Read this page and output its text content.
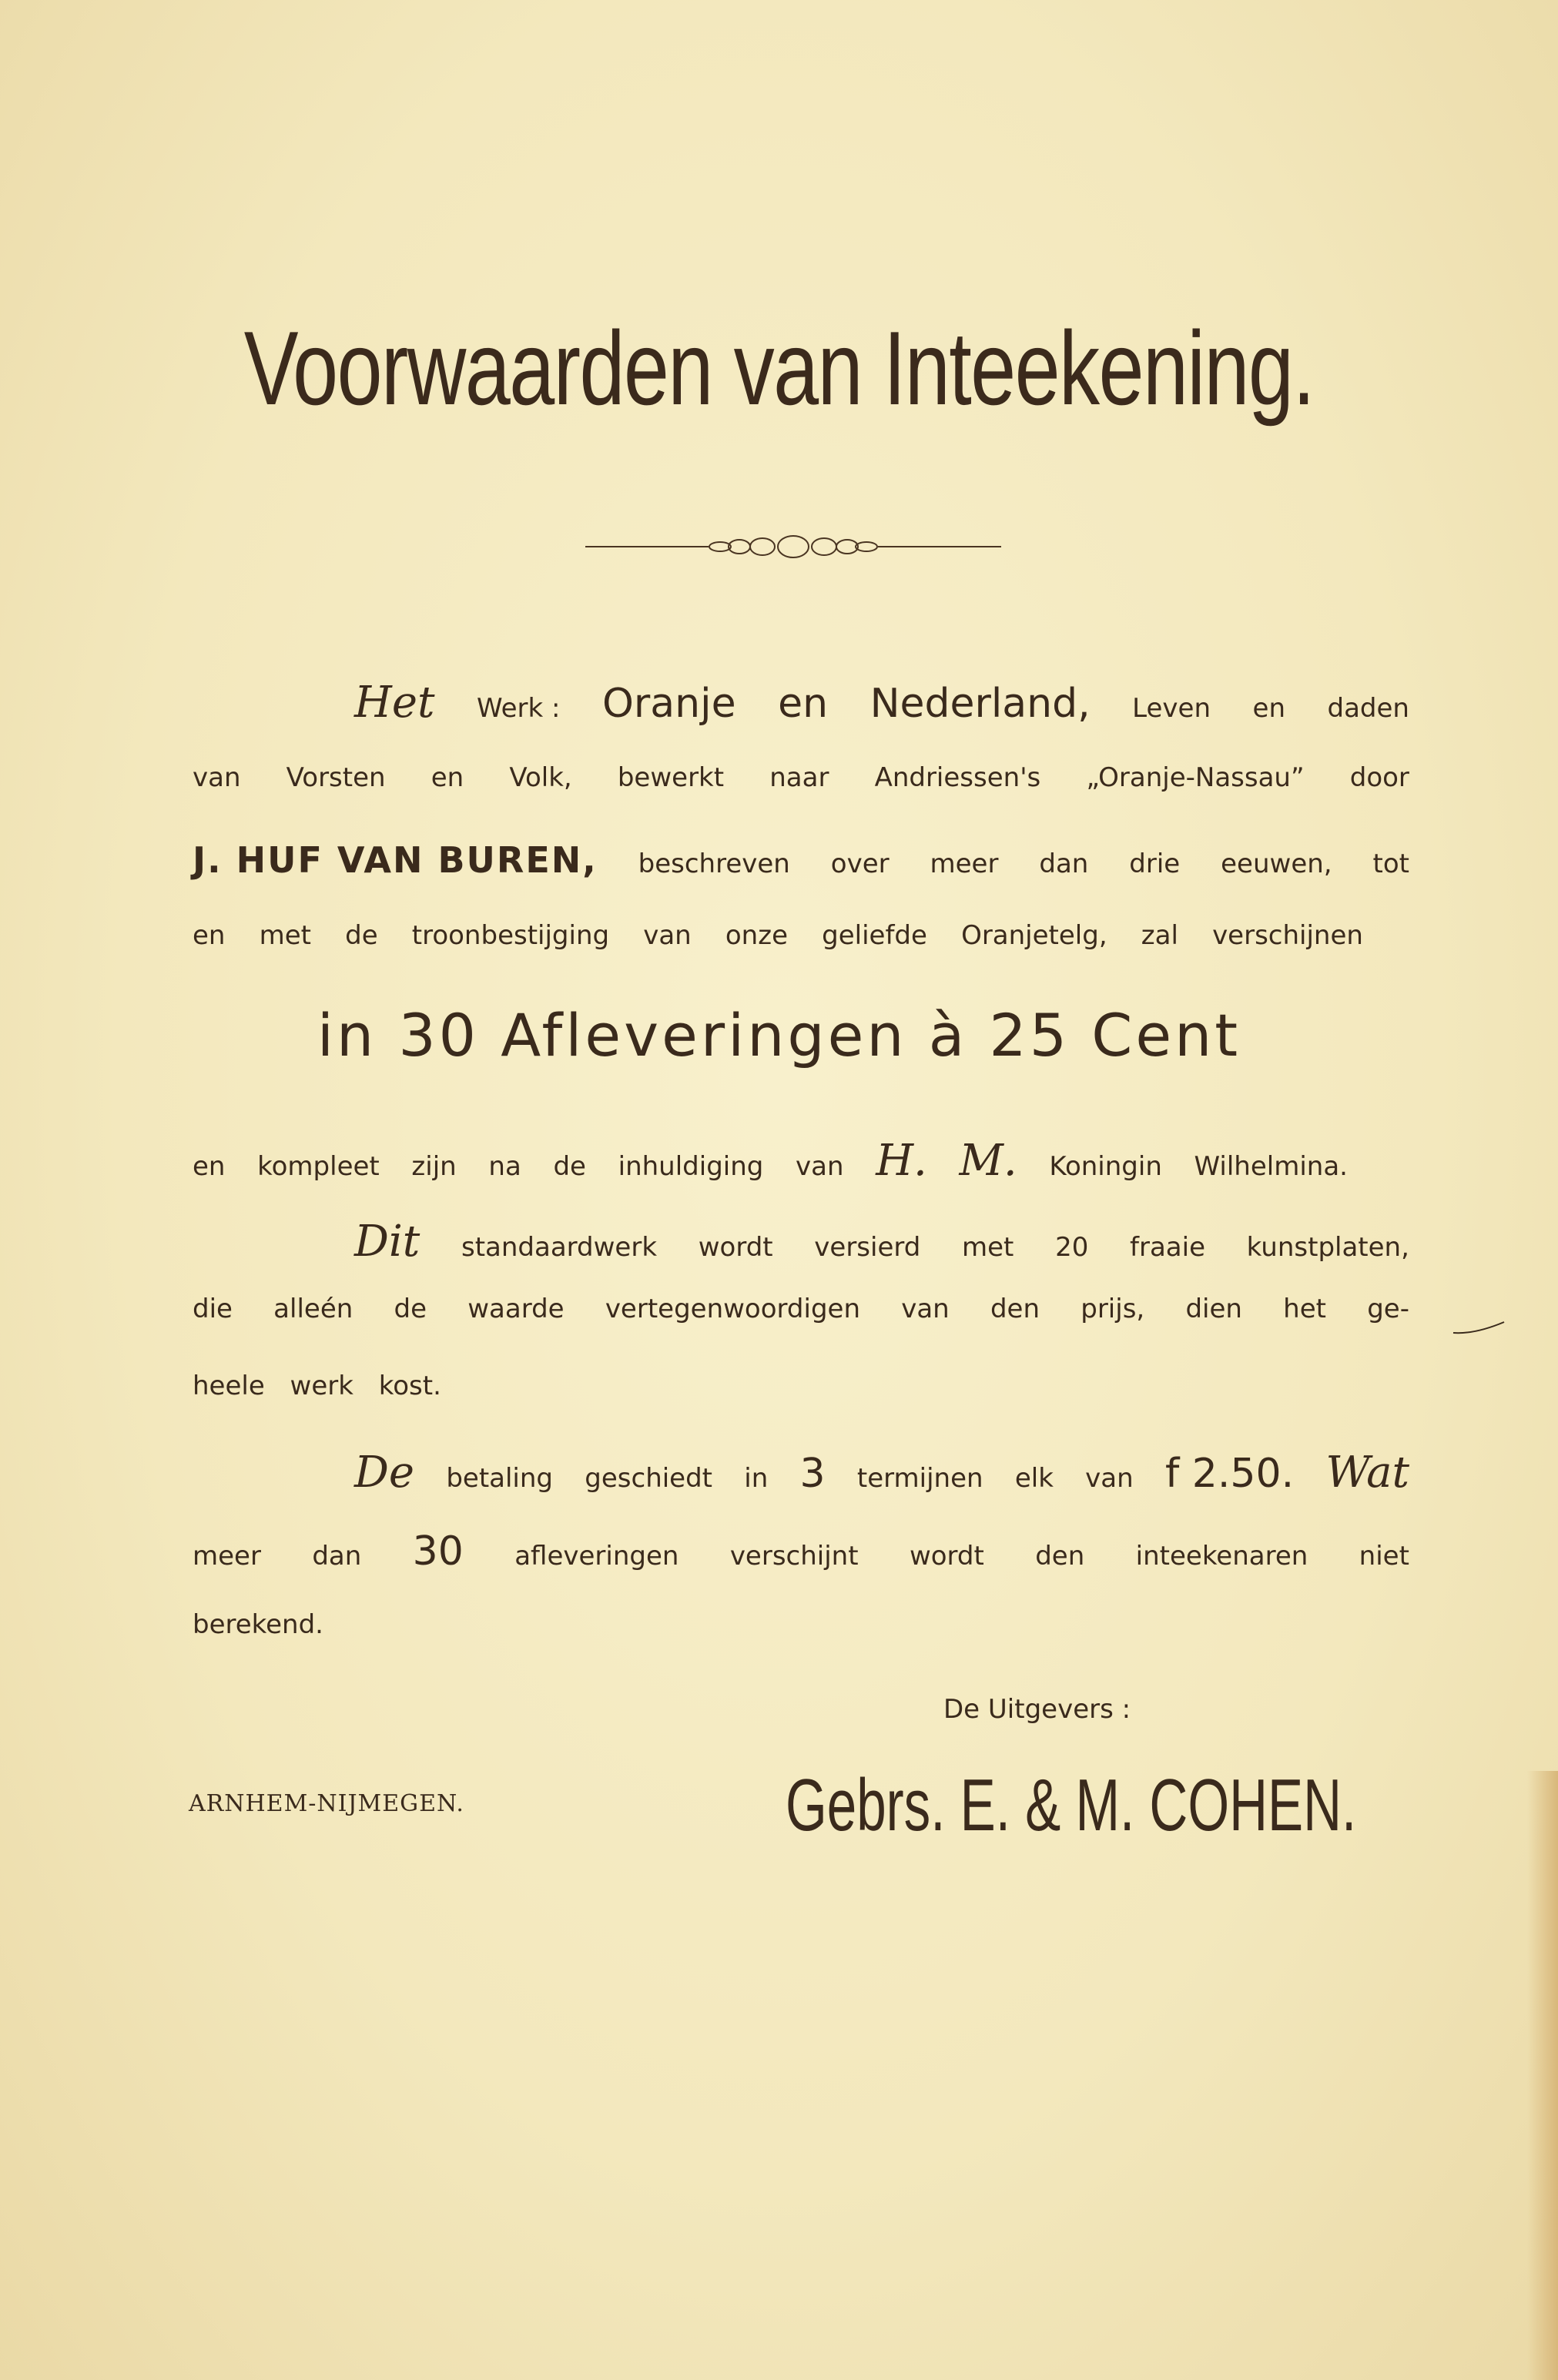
Voorwaarden van Inteekening.
Het Werk : Oranje en Nederland, Leven en daden
van Vorsten en Volk, bewerkt naar Andriessen's „Oranje-Nassau” door
J. HUF VAN BUREN, beschreven over meer dan drie eeuwen, tot
en met de troonbestijging van onze geliefde Oranjetelg, zal verschijnen
in 30 Afleveringen à 25 Cent
en kompleet zijn na de inhuldiging van H. M. Koningin Wilhelmina.
Dit standaardwerk wordt versierd met 20 fraaie kunstplaten,
die alleén de waarde vertegenwoordigen van den prijs, dien het ge-
heele werk kost.
De betaling geschiedt in 3 termijnen elk van f 2.50. Wat
meer dan 30 afleveringen verschijnt wordt den inteekenaren niet
berekend.
De Uitgevers :
ARNHEM-NIJMEGEN.	Gebrs. E. & M. COHEN.
